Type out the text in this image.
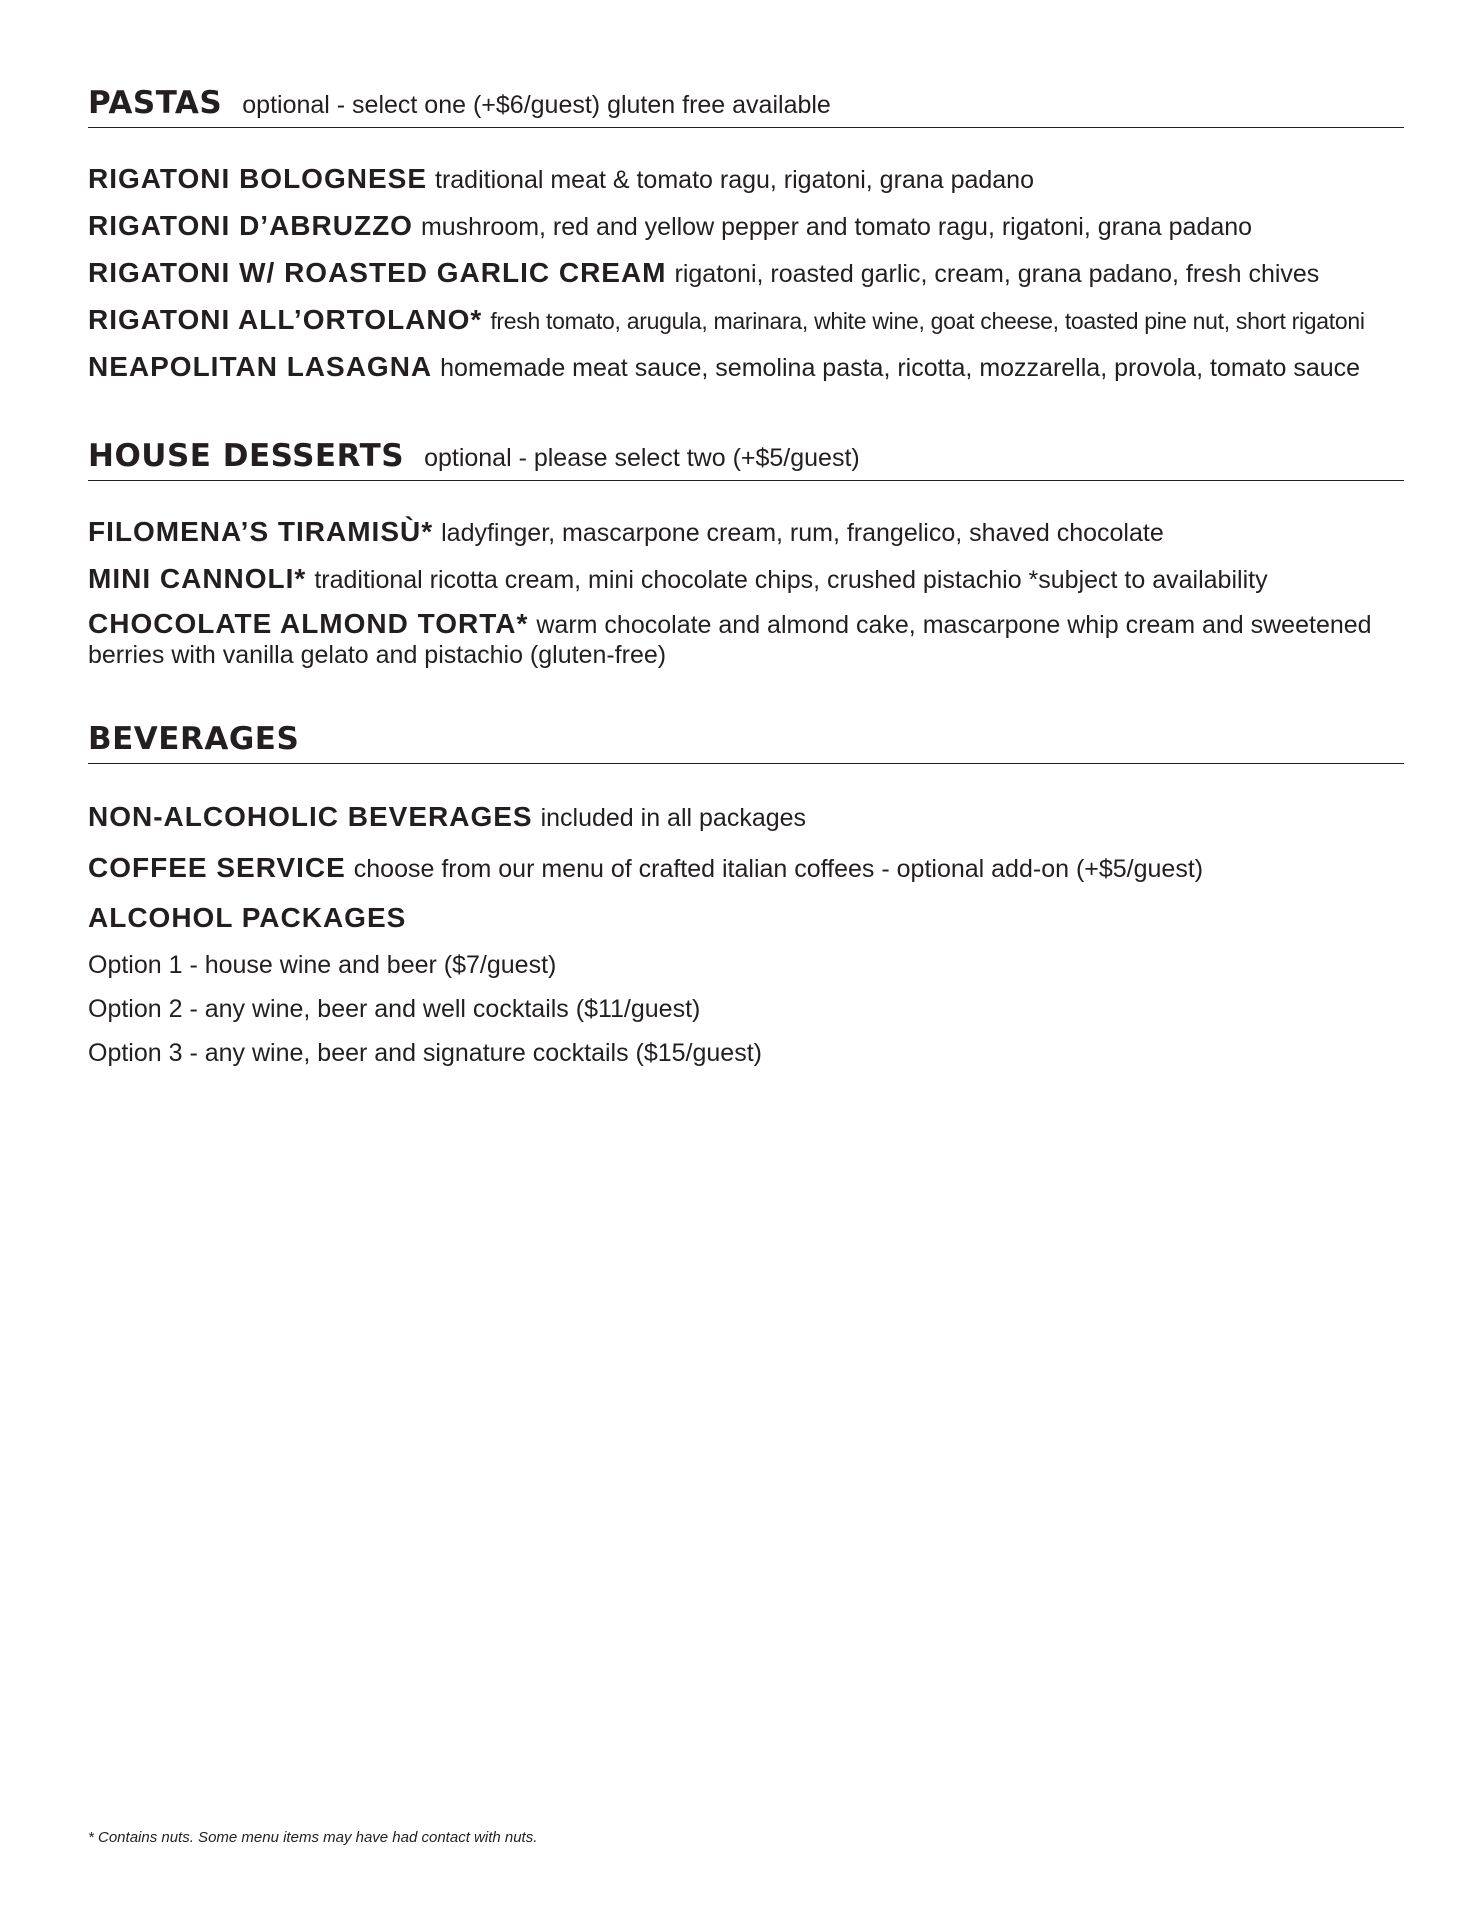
PASTAS optional - select one (+$6/guest) gluten free available
RIGATONI BOLOGNESE traditional meat & tomato ragu, rigatoni, grana padano
RIGATONI D’ABRUZZO mushroom, red and yellow pepper and tomato ragu, rigatoni, grana padano
RIGATONI W/ ROASTED GARLIC CREAM rigatoni, roasted garlic, cream, grana padano, fresh chives
RIGATONI ALL’ORTOLANO* fresh tomato, arugula, marinara, white wine, goat cheese, toasted pine nut, short rigatoni
NEAPOLITAN LASAGNA homemade meat sauce, semolina pasta, ricotta, mozzarella, provola, tomato sauce
HOUSE DESSERTS optional - please select two (+$5/guest)
FILOMENA’S TIRAMISÙ* ladyfinger, mascarpone cream, rum, frangelico, shaved chocolate
MINI CANNOLI* traditional ricotta cream, mini chocolate chips, crushed pistachio *subject to availability
CHOCOLATE ALMOND TORTA* warm chocolate and almond cake, mascarpone whip cream and sweetened berries with vanilla gelato and pistachio (gluten-free)
BEVERAGES
NON-ALCOHOLIC BEVERAGES included in all packages
COFFEE SERVICE choose from our menu of crafted italian coffees - optional add-on (+$5/guest)
ALCOHOL PACKAGES
Option 1 - house wine and beer ($7/guest)
Option 2 - any wine, beer and well cocktails ($11/guest)
Option 3 - any wine, beer and signature cocktails ($15/guest)
* Contains nuts. Some menu items may have had contact with nuts.
